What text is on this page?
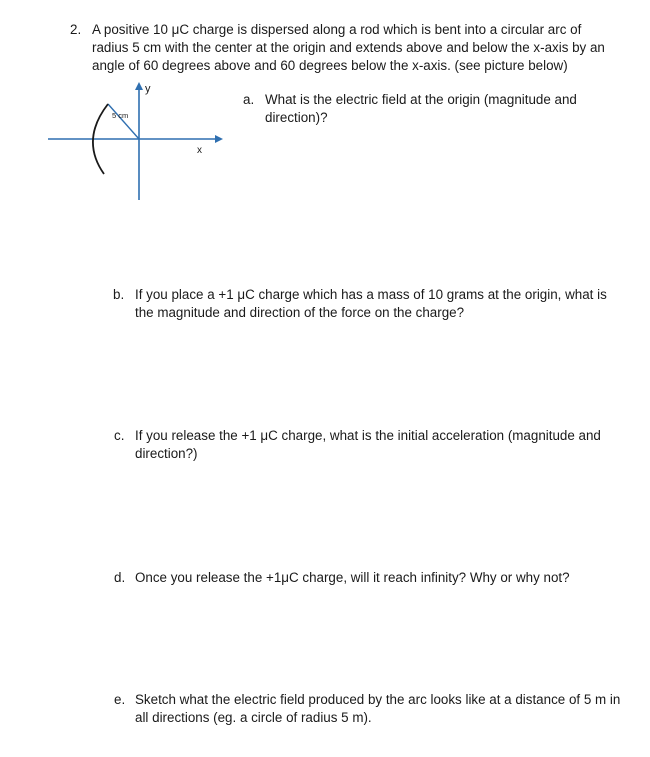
2. A positive 10 μC charge is dispersed along a rod which is bent into a circular arc of radius 5 cm with the center at the origin and extends above and below the x-axis by an angle of 60 degrees above and 60 degrees below the x-axis. (see picture below)

y
x
5 cm
a. What is the electric field at the origin (magnitude and direction)?
b. If you place a +1 μC charge which has a mass of 10 grams at the origin, what is the magnitude and direction of the force on the charge?
c. If you release the +1 μC charge, what is the initial acceleration (magnitude and direction?)
d. Once you release the +1μC charge, will it reach infinity? Why or why not?
e. Sketch what the electric field produced by the arc looks like at a distance of 5 m in all directions (eg. a circle of radius 5 m).
